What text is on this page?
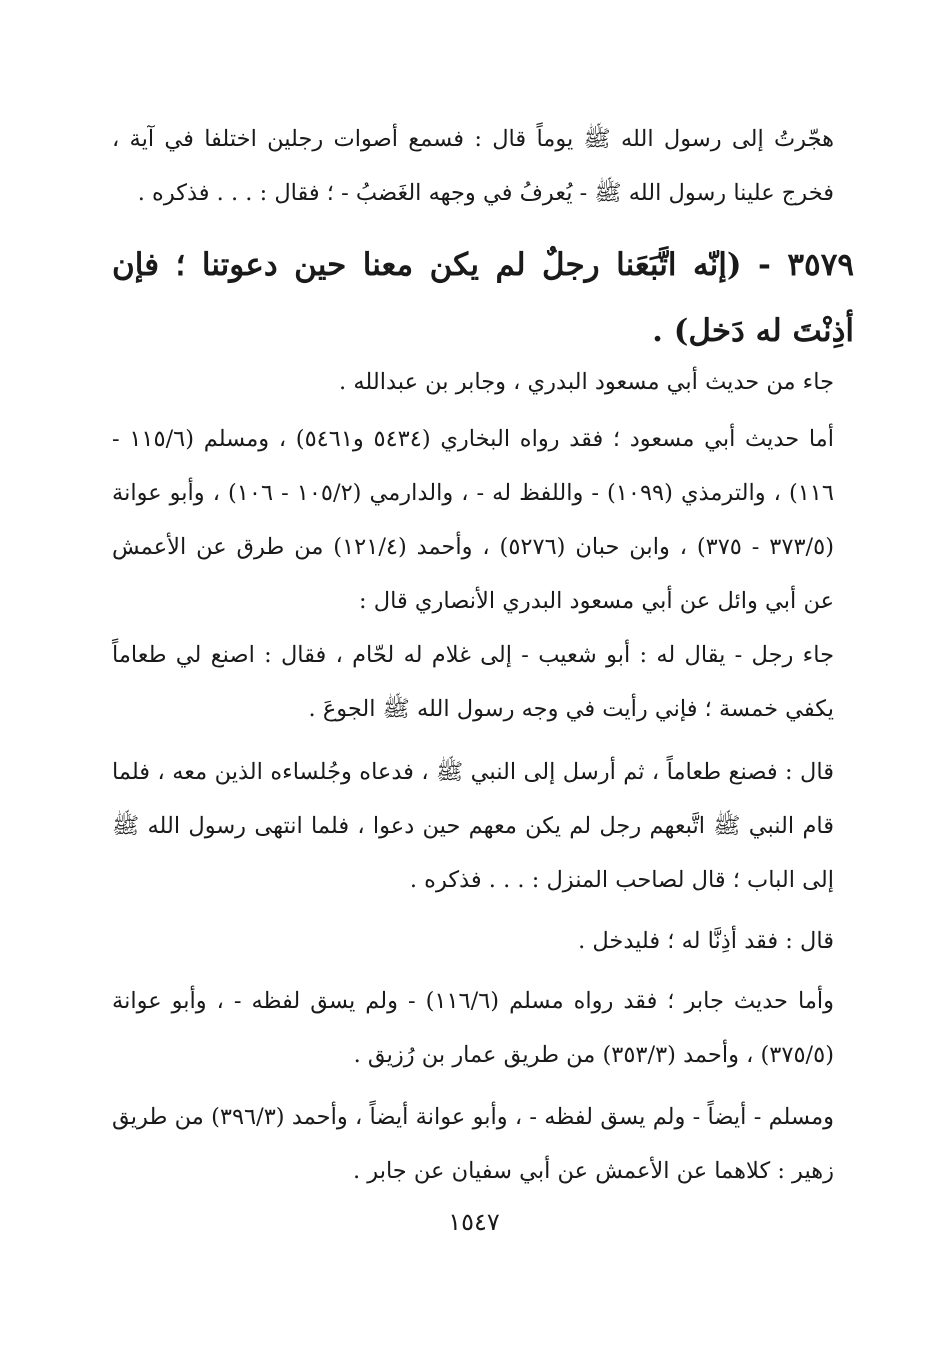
هجّرتُ إلى رسول الله ﷺ يوماً قال : فسمع أصوات رجلين اختلفا في آية ، فخرج علينا رسول الله ﷺ - يُعرفُ في وجهه الغَضبُ - ؛ فقال : . . . فذكره .

٣٥٧٩ - (إنّه اتَّبَعَنا رجلٌ لم يكن معنا حين دعوتنا ؛ فإن أذِنْتَ له دَخل) .

جاء من حديث أبي مسعود البدري ، وجابر بن عبدالله .

أما حديث أبي مسعود ؛ فقد رواه البخاري (٥٤٣٤ و٥٤٦١) ، ومسلم (١١٥/٦ - ١١٦) ، والترمذي (١٠٩٩) - واللفظ له - ، والدارمي (١٠٥/٢ - ١٠٦) ، وأبو عوانة (٣٧٣/٥ - ٣٧٥) ، وابن حبان (٥٢٧٦) ، وأحمد (١٢١/٤) من طرق عن الأعمش عن أبي وائل عن أبي مسعود البدري الأنصاري قال :

جاء رجل - يقال له : أبو شعيب - إلى غلام له لحّام ، فقال : اصنع لي طعاماً يكفي خمسة ؛ فإني رأيت في وجه رسول الله ﷺ الجوعَ .

قال : فصنع طعاماً ، ثم أرسل إلى النبي ﷺ ، فدعاه وجُلساءه الذين معه ، فلما قام النبي ﷺ اتَّبعهم رجل لم يكن معهم حين دعوا ، فلما انتهى رسول الله ﷺ إلى الباب ؛ قال لصاحب المنزل : . . . فذكره .

قال : فقد أذِنَّا له ؛ فليدخل .

وأما حديث جابر ؛ فقد رواه مسلم (١١٦/٦) - ولم يسق لفظه - ، وأبو عوانة (٣٧٥/٥) ، وأحمد (٣٥٣/٣) من طريق عمار بن رُزيق .

ومسلم - أيضاً - ولم يسق لفظه - ، وأبو عوانة أيضاً ، وأحمد (٣٩٦/٣) من طريق زهير : كلاهما عن الأعمش عن أبي سفيان عن جابر .

١٥٤٧
